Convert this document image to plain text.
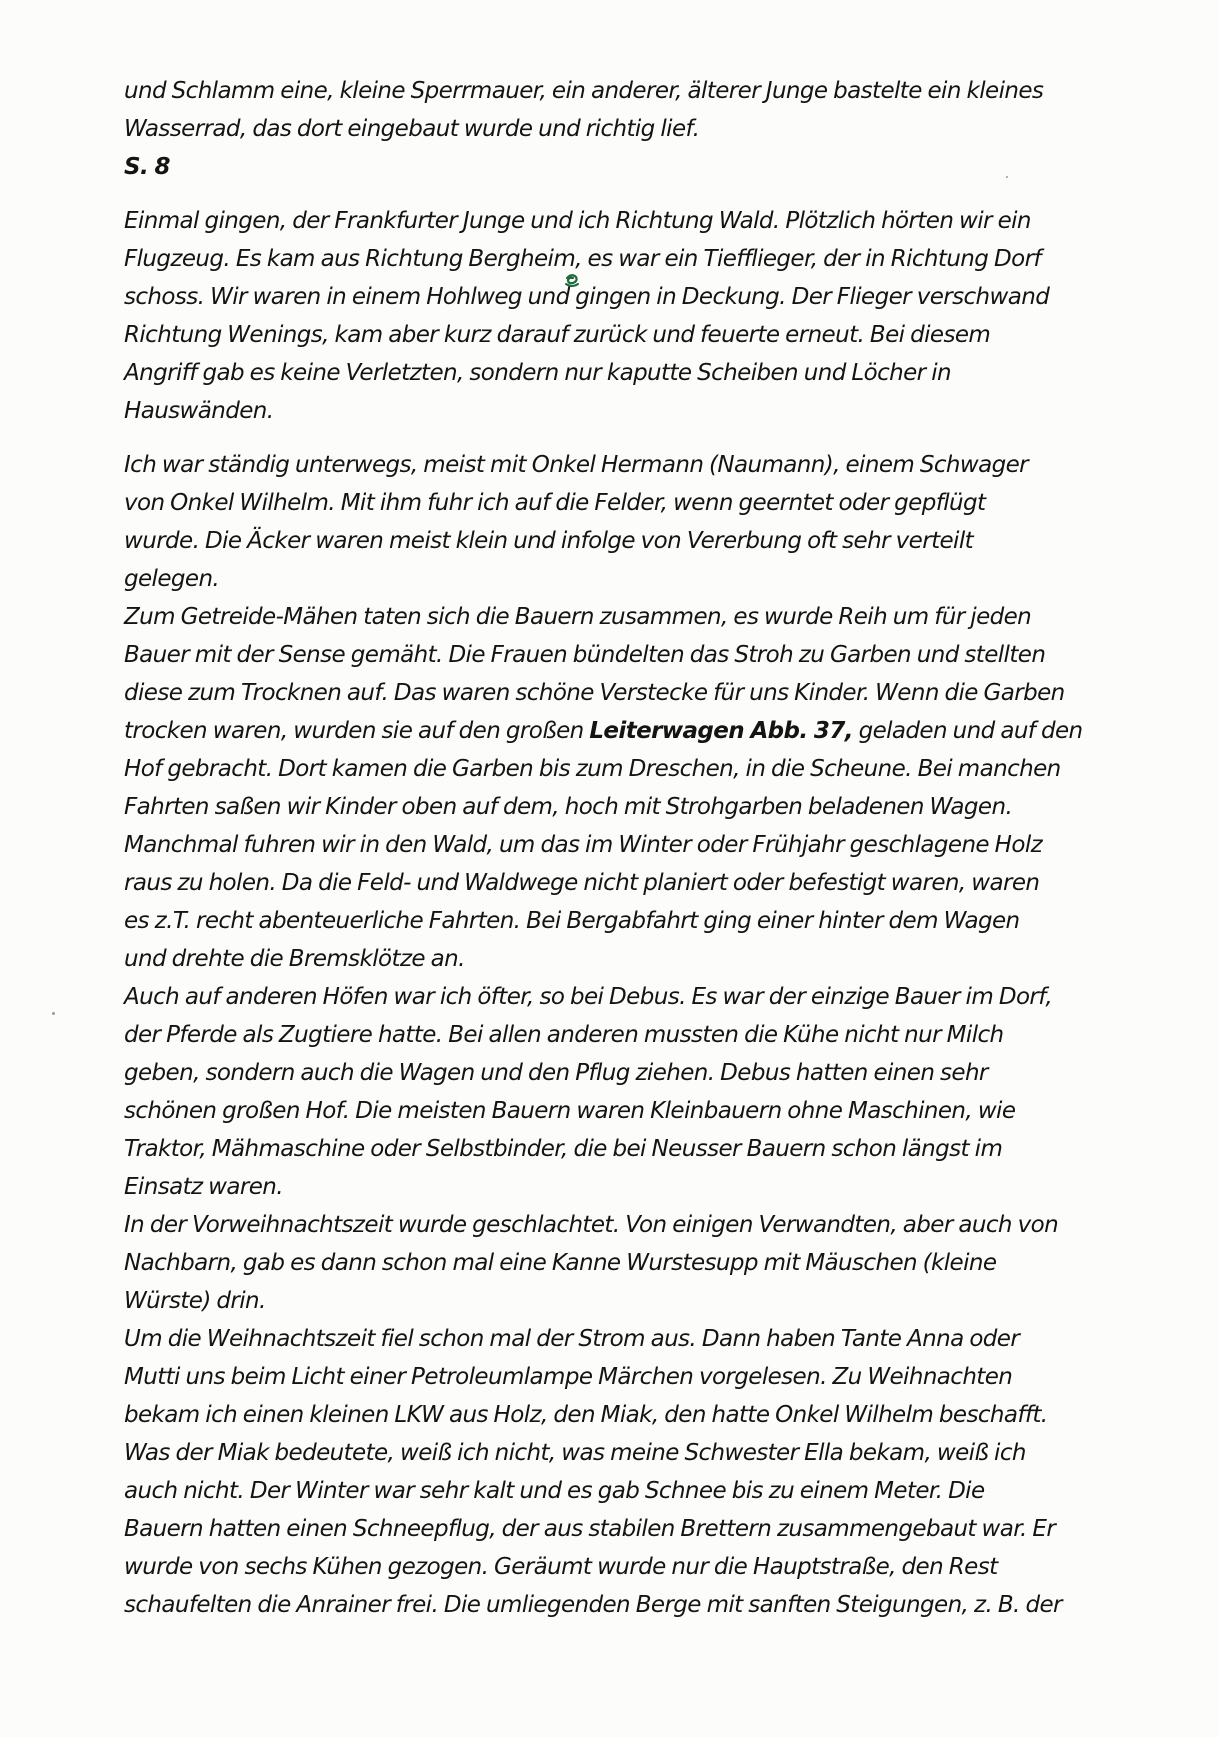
und Schlamm eine, kleine Sperrmauer, ein anderer, älterer Junge bastelte ein kleines
Wasserrad, das dort eingebaut wurde und richtig lief.
S. 8
Einmal gingen, der Frankfurter Junge und ich Richtung Wald. Plötzlich hörten wir ein
Flugzeug. Es kam aus Richtung Bergheim, es war ein Tiefflieger, der in Richtung Dorf
schoss. Wir waren in einem Hohlweg und gingen in Deckung. Der Flieger verschwand
Richtung Wenings, kam aber kurz darauf zurück und feuerte erneut. Bei diesem
Angriff gab es keine Verletzten, sondern nur kaputte Scheiben und Löcher in
Hauswänden.
Ich war ständig unterwegs, meist mit Onkel Hermann (Naumann), einem Schwager
von Onkel Wilhelm. Mit ihm fuhr ich auf die Felder, wenn geerntet oder gepflügt
wurde. Die Äcker waren meist klein und infolge von Vererbung oft sehr verteilt
gelegen.
Zum Getreide-Mähen taten sich die Bauern zusammen, es wurde Reih um für jeden
Bauer mit der Sense gemäht. Die Frauen bündelten das Stroh zu Garben und stellten
diese zum Trocknen auf. Das waren schöne Verstecke für uns Kinder. Wenn die Garben
trocken waren, wurden sie auf den großen Leiterwagen Abb. 37, geladen und auf den
Hof gebracht. Dort kamen die Garben bis zum Dreschen, in die Scheune. Bei manchen
Fahrten saßen wir Kinder oben auf dem, hoch mit Strohgarben beladenen Wagen.
Manchmal fuhren wir in den Wald, um das im Winter oder Frühjahr geschlagene Holz
raus zu holen. Da die Feld- und Waldwege nicht planiert oder befestigt waren, waren
es z.T. recht abenteuerliche Fahrten. Bei Bergabfahrt ging einer hinter dem Wagen
und drehte die Bremsklötze an.
Auch auf anderen Höfen war ich öfter, so bei Debus. Es war der einzige Bauer im Dorf,
der Pferde als Zugtiere hatte. Bei allen anderen mussten die Kühe nicht nur Milch
geben, sondern auch die Wagen und den Pflug ziehen. Debus hatten einen sehr
schönen großen Hof. Die meisten Bauern waren Kleinbauern ohne Maschinen, wie
Traktor, Mähmaschine oder Selbstbinder, die bei Neusser Bauern schon längst im
Einsatz waren.
In der Vorweihnachtszeit wurde geschlachtet. Von einigen Verwandten, aber auch von
Nachbarn, gab es dann schon mal eine Kanne Wurstesupp mit Mäuschen (kleine
Würste) drin.
Um die Weihnachtszeit fiel schon mal der Strom aus. Dann haben Tante Anna oder
Mutti uns beim Licht einer Petroleumlampe Märchen vorgelesen. Zu Weihnachten
bekam ich einen kleinen LKW aus Holz, den Miak, den hatte Onkel Wilhelm beschafft.
Was der Miak bedeutete, weiß ich nicht, was meine Schwester Ella bekam, weiß ich
auch nicht. Der Winter war sehr kalt und es gab Schnee bis zu einem Meter. Die
Bauern hatten einen Schneepflug, der aus stabilen Brettern zusammengebaut war. Er
wurde von sechs Kühen gezogen. Geräumt wurde nur die Hauptstraße, den Rest
schaufelten die Anrainer frei. Die umliegenden Berge mit sanften Steigungen, z. B. der
